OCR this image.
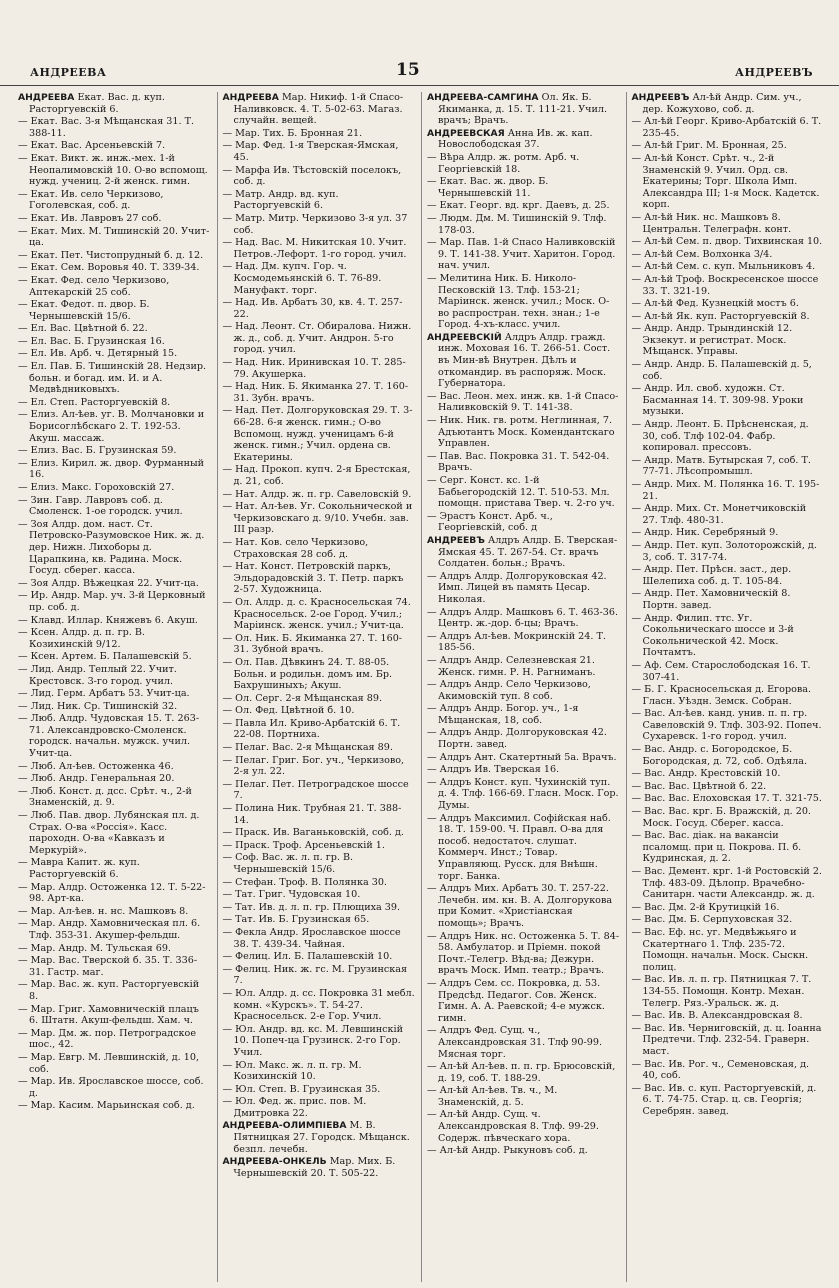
АНДРЕЕВА	15	АНДРЕЕВЪ
АНДРЕЕВА Екат. Вас. д. куп. Расторгуевскій 6.
— Екат. Вас. 3-я Мѣщанская 31. Т. 388-11.
— Екат. Вас. Арсеньевскій 7.
— Екат. Викт. ж. инж.-мех. 1-й Неопалимовскій 10. О-во вспомощ. нужд. учениц. 2-й женск. гимн.
— Екат. Ив. село Черкизово, Гоголевская, соб. д.
— Екат. Ив. Лавровъ 27 соб.
— Екат. Мих. М. Тишинскій 20. Учит-ца.
— Екат. Пет. Чистопрудный б. д. 12.
— Екат. Сем. Воровья 40. Т. 339-34.
— Екат. Фед. село Черкизово, Аптекарскій 25 соб.
— Екат. Федот. п. двор. Б. Чернышевскій 15/6.
— Ел. Вас. Цвѣтной б. 22.
— Ел. Вас. Б. Грузинская 16.
— Ел. Ив. Арб. ч. Детярный 15.
— Ел. Пав. Б. Тишинскій 28. Недзир. больн. и богад. им. И. и А. Медвѣдниковыхъ.
— Ел. Степ. Расторгуевскій 8.
— Елиз. Ал-ѣев. уг. В. Молчановки и Борисоглѣбскаго 2. Т. 192-53. Акуш. массаж.
— Елиз. Вас. Б. Грузинская 59.
— Елиз. Кирил. ж. двор. Фурманный 16.
— Елиз. Макс. Гороховскій 27.
— Зин. Гавр. Лавровъ соб. д. Смоленск. 1-ое городск. учил.
— Зоя Алдр. дом. наст. Ст. Петровско-Разумовское Ник. ж. д. дер. Нижн. Лихоборы д. Царапкина, кв. Радина. Моск. Госуд. сберег. касса.
— Зоя Алдр. Вѣжецкая 22. Учит-ца.
— Ир. Андр. Мар. уч. 3-й Церковный пр. соб. д.
— Клавд. Иллар. Княжевъ 6. Акуш.
— Ксен. Алдр. д. п. гр. В. Козихинскій 9/12.
— Ксен. Артем. Б. Палашевскій 5.
— Лид. Андр. Теплый 22. Учит. Крестовск. 3-го город. учил.
— Лид. Герм. Арбатъ 53. Учит-ца.
— Лид. Ник. Ср. Тишинскій 32.
— Люб. Алдр. Чудовская 15. Т. 263-71. Александровско-Смоленск. городск. начальн. мужск. учил. Учит-ца.
— Люб. Ал-ѣев. Остоженка 46.
— Люб. Андр. Генеральная 20.
— Люб. Конст. д. дсс. Срѣт. ч., 2-й Знаменскій, д. 9.
— Люб. Пав. двор. Лубянская пл. д. Страх. О-ва «Россія». Касс. пароходн. О-ва «Кавказъ и Меркурій».
— Мавра Капит. ж. куп. Расторгуевскій 6.
— Мар. Алдр. Остоженка 12. Т. 5-22-98. Арт-ка.
— Мар. Ал-ѣев. н. нс. Машковъ 8.
— Мар. Андр. Хамовническая пл. 6. Тлф. 353-31. Акушер-фельдш.
— Мар. Андр. М. Тульская 69.
— Мар. Вас. Тверской б. 35. Т. 336-31. Гастр. маг.
— Мар. Вас. ж. куп. Расторгуевскій 8.
— Мар. Григ. Хамовническій плацъ 6. Штатн. Акуш-фельдш. Хам. ч.
— Мар. Дм. ж. пор. Петроградское шос., 42.
— Мар. Евгр. М. Левшинскій, д. 10, соб.
— Мар. Ив. Ярославское шоссе, соб. д.
— Мар. Касим. Марьинская соб. д.
АНДРЕЕВА Мар. Никиф. 1-й Спасо-Наливковск. 4. Т. 5-02-63. Магаз. случайн. вещей.
— Мар. Тих. Б. Бронная 21.
— Мар. Фед. 1-я Тверская-Ямская, 45.
— Марфа Ив. Тѣстовскій поселокъ, соб. д.
— Матр. Андр. вд. куп. Расторгуевскій 6.
— Матр. Митр. Черкизово 3-я ул. 37 соб.
— Над. Вас. М. Никитская 10. Учит. Петров.-Лефорт. 1-го город. учил.
— Над. Дм. купч. Гор. ч. Космодемьянскій 6. Т. 76-89. Мануфакт. торг.
— Над. Ив. Арбатъ 30, кв. 4. Т. 257-22.
— Над. Леонт. Ст. Обиралова. Нижн. ж. д., соб. д. Учит. Андрон. 5-го город. учил.
— Над. Ник. Иринивская 10. Т. 285-79. Акушерка.
— Над. Ник. Б. Якиманка 27. Т. 160-31. Зубн. врачъ.
— Над. Пет. Долгоруковская 29. Т. 3-66-28. 6-я женск. гимн.; О-во Вспомощ. нужд. ученицамъ 6-й женск. гимн.; Учил. ордена св. Екатерины.
— Над. Прокоп. купч. 2-я Брестская, д. 21, соб.
— Нат. Алдр. ж. п. гр. Савеловскій 9.
— Нат. Ал-ѣев. Уг. Сокольнической и Черкизовскаго д. 9/10. Учебн. зав. III разр.
— Нат. Ков. село Черкизово, Страховская 28 соб. д.
— Нат. Конст. Петровскій паркъ, Эльдорадовскій 3. Т. Петр. паркъ 2-57. Художница.
— Ол. Алдр. д. с. Красносельская 74. Красносельск. 2-ое Город. Учил.; Маріинск. женск. учил.; Учит-ца.
— Ол. Ник. Б. Якиманка 27. Т. 160-31. Зубной врачъ.
— Ол. Пав. Дѣвкинъ 24. Т. 88-05. Больн. и родильн. домъ им. Бр. Бахрушиныхъ; Акуш.
— Ол. Серг. 2-я Мѣщанская 89.
— Ол. Фед. Цвѣтной б. 10.
— Павла Ил. Криво-Арбатскій 6. Т. 22-08. Портниха.
— Пелаг. Вас. 2-я Мѣщанская 89.
— Пелаг. Григ. Бог. уч., Черкизово, 2-я ул. 22.
— Пелаг. Пет. Петроградское шоссе 7.
— Полина Ник. Трубная 21. Т. 388-14.
— Праск. Ив. Ваганьковскій, соб. д.
— Праск. Троф. Арсеньевскій 1.
— Соф. Вас. ж. л. п. гр. В. Чернышевскій 15/6.
— Стефан. Троф. В. Полянка 30.
— Тат. Григ. Чудовская 10.
— Тат. Ив. д. л. п. гр. Плющиха 39.
— Тат. Ив. Б. Грузинская 65.
— Фекла Андр. Ярославское шоссе 38. Т. 439-34. Чайная.
— Фелиц. Ил. Б. Палашевскій 10.
— Фелиц. Ник. ж. гс. М. Грузинская 7.
— Юл. Алдр. д. сс. Покровка 31 мебл. комн. «Курскъ». Т. 54-27. Красносельск. 2-е Гор. Учил.
— Юл. Андр. вд. кс. М. Левшинскій 10. Попеч-ца Грузинск. 2-го Гор. Учил.
— Юл. Макс. ж. л. п. гр. М. Козихинскій 10.
— Юл. Степ. В. Грузинская 35.
— Юл. Фед. ж. прис. пов. М. Дмитровка 22.
АНДРЕЕВА-ОЛИМПІЕВА М. В. Пятницкая 27. Городск. Мѣщанск. безпл. лечебн.
АНДРЕЕВА-ОНКЕЛЬ Мар. Мих. Б. Чернышевскій 20. Т. 505-22.
АНДРЕЕВА-САМГИНА Ол. Як. Б. Якиманка, д. 15. Т. 111-21. Учил. врачъ; Врачъ.
АНДРЕЕВСКАЯ Анна Ив. ж. кап. Новослободская 37.
— Вѣра Алдр. ж. ротм. Арб. ч. Георгіевскій 18.
— Екат. Вас. ж. двор. Б. Чернышевскій 11.
— Екат. Георг. вд. крг. Даевъ, д. 25.
— Людм. Дм. М. Тишинскій 9. Тлф. 178-03.
— Мар. Пав. 1-й Спасо Наливковскій 9. Т. 141-38. Учит. Харитон. Город. нач. учил.
— Мелитина Ник. Б. Николо-Песковскій 13. Тлф. 153-21; Маріинск. женск. учил.; Моск. О-во распростран. техн. знан.; 1-е Город. 4-хъ-класс. учил.
АНДРЕЕВСКІЙ Алдръ Алдр. гражд. инж. Моховая 16. Т. 266-51. Сост. въ Мин-вѣ Внутрен. Дѣлъ и откомандир. въ распоряж. Моск. Губернатора.
— Вас. Леон. мех. инж. кв. 1-й Спасо-Наливковскій 9. Т. 141-38.
— Ник. Ник. гв. ротм. Неглинная, 7. Адъютантъ Моск. Комендантскаго Управлен.
— Пав. Вас. Покровка 31. Т. 542-04. Врачъ.
— Серг. Конст. кс. 1-й Бабьегородскій 12. Т. 510-53. Мл. помощн. пристава Твер. ч. 2-го уч.
— Эрастъ Конст. Арб. ч., Георгіевскій, соб. д
АНДРЕЕВЪ Алдръ Алдр. Б. Тверская-Ямская 45. Т. 267-54. Ст. врачъ Солдатен. больн.; Врачъ.
— Алдръ Алдр. Долгоруковская 42. Имп. Лицей въ память Цесар. Николая.
— Алдръ Алдр. Машковъ 6. Т. 463-36. Центр. ж.-дор. б-цы; Врачъ.
— Алдръ Ал-ѣев. Мокринскій 24. Т. 185-56.
— Алдръ Андр. Селезневская 21. Женск. гимн. Р. Н. Рагниманъ.
— Алдръ Андр. Село Черкизово, Акимовскій туп. 8 соб.
— Алдръ Андр. Богор. уч., 1-я Мѣщанская, 18, соб.
— Алдръ Андр. Долгоруковская 42. Портн. завед.
— Алдръ Ант. Скатертный 5а. Врачъ.
— Алдръ Ив. Тверская 16.
— Алдръ Конст. куп. Чухинскій туп. д. 4. Тлф. 166-69. Гласн. Моск. Гор. Думы.
— Алдръ Максимил. Софійская наб. 18. Т. 159-00. Ч. Правл. О-ва для пособ. недостаточ. слушат. Коммерч. Инст.; Товар. Управляющ. Русск. для Внѣшн. торг. Банка.
— Алдръ Мих. Арбатъ 30. Т. 257-22. Лечебн. им. кн. В. А. Долгорукова при Комит. «Христіанская помощь»; Врачъ.
— Алдръ Ник. нс. Остоженка 5. Т. 84-58. Амбулатор. и Пріемн. покой Почт.-Телегр. Вѣд-ва; Дежурн. врачъ Моск. Имп. театр.; Врачъ.
— Алдръ Сем. сс. Покровка, д. 53. Предсѣд. Педагог. Сов. Женск. Гимн. А. А. Раевской; 4-е мужск. гимн.
— Алдръ Фед. Сущ. ч., Александровская 31. Тлф 90-99. Мясная торг.
— Ал-ѣй Ал-ѣев. п. п. гр. Брюсовскій, д. 19, соб. Т. 188-29.
— Ал-ѣй Ал-ѣев. Тв. ч., М. Знаменскій, д. 5.
— Ал-ѣй Андр. Сущ. ч. Александровская 8. Тлф. 99-29. Содерж. пѣвческаго хора.
— Ал-ѣй Андр. Рыкуновъ соб. д.
АНДРЕЕВЪ Ал-ѣй Андр. Сим. уч., дер. Кожухово, соб. д.
— Ал-ѣй Георг. Криво-Арбатскій 6. Т. 235-45.
— Ал-ѣй Григ. М. Бронная, 25.
— Ал-ѣй Конст. Срѣт. ч., 2-й Знаменскій 9. Учил. Орд. св. Екатерины; Торг. Школа Имп. Александра III; 1-я Моск. Кадетск. корп.
— Ал-ѣй Ник. нс. Машковъ 8. Центральн. Телеграфн. конт.
— Ал-ѣй Сем. п. двор. Тихвинская 10.
— Ал-ѣй Сем. Волхонка 3/4.
— Ал-ѣй Сем. с. куп. Мыльниковъ 4.
— Ал-ѣй Троф. Воскресенское шоссе 33. Т. 321-19.
— Ал-ѣй Фед. Кузнецкій мостъ 6.
— Ал-ѣй Як. куп. Расторгуевскій 8.
— Андр. Андр. Трындинскій 12. Экзекут. и регистрат. Моск. Мѣщанск. Управы.
— Андр. Андр. Б. Палашевскій д. 5, соб.
— Андр. Ил. своб. художн. Ст. Басманная 14. Т. 309-98. Уроки музыки.
— Андр. Леонт. Б. Прѣсненская, д. 30, соб. Тлф 102-04. Фабр. копировал. прессовъ.
— Андр. Матв. Бутырская 7, соб. Т. 77-71. Лѣсопромышл.
— Андр. Мих. М. Полянка 16. Т. 195-21.
— Андр. Мих. Ст. Монетчиковскій 27. Тлф. 480-31.
— Андр. Ник. Серебряный 9.
— Андр. Пет. куп. Золоторожскій, д. 3, соб. Т. 317-74.
— Андр. Пет. Прѣсн. заст., дер. Шелепиха соб. д. Т. 105-84.
— Андр. Пет. Хамовническій 8. Портн. завед.
— Андр. Филип. ттс. Уг. Сокольническаго шоссе и 3-й Сокольнической 42. Моск. Почтамтъ.
— Аф. Сем. Старослободская 16. Т. 307-41.
— Б. Г. Красносельская д. Егорова. Гласн. Уѣздн. Земск. Собран.
— Вас. Ал-ѣев. канд. унив. п. п. гр. Савеловскій 9. Тлф. 303-92. Попеч. Сухаревск. 1-го город. учил.
— Вас. Андр. с. Богородское, Б. Богородская, д. 72, соб. Одѣяла.
— Вас. Андр. Крестовскій 10.
— Вас. Вас. Цвѣтной б. 22.
— Вас. Вас. Елоховская 17. Т. 321-75.
— Вас. Вас. крг. Б. Вражскій, д. 20. Моск. Госуд. Сберег. касса.
— Вас. Вас. діак. на вакансіи псаломщ. при ц. Покрова. П. б. Кудринская, д. 2.
— Вас. Демент. крг. 1-й Ростовскій 2. Тлф. 483-09. Дѣлопр. Врачебно-Санитарн. части Александр. ж. д.
— Вас. Дм. 2-й Крутицкій 16.
— Вас. Дм. Б. Серпуховская 32.
— Вас. Еф. нс. уг. Медвѣжьяго и Скатертнаго 1. Тлф. 235-72. Помощн. начальн. Моск. Сыскн. полиц.
— Вас. Ив. л. п. гр. Пятницкая 7. Т. 134-55. Помощн. Контр. Механ. Телегр. Ряз.-Уральск. ж. д.
— Вас. Ив. В. Александровская 8.
— Вас. Ив. Черниговскій, д. ц. Іоанна Предтечи. Тлф. 232-54. Граверн. маст.
— Вас. Ив. Рог. ч., Семеновская, д. 40, соб.
— Вас. Ив. с. куп. Расторгуевскій, д. 6. Т. 74-75. Стар. ц. св. Георгія; Серебрян. завед.
